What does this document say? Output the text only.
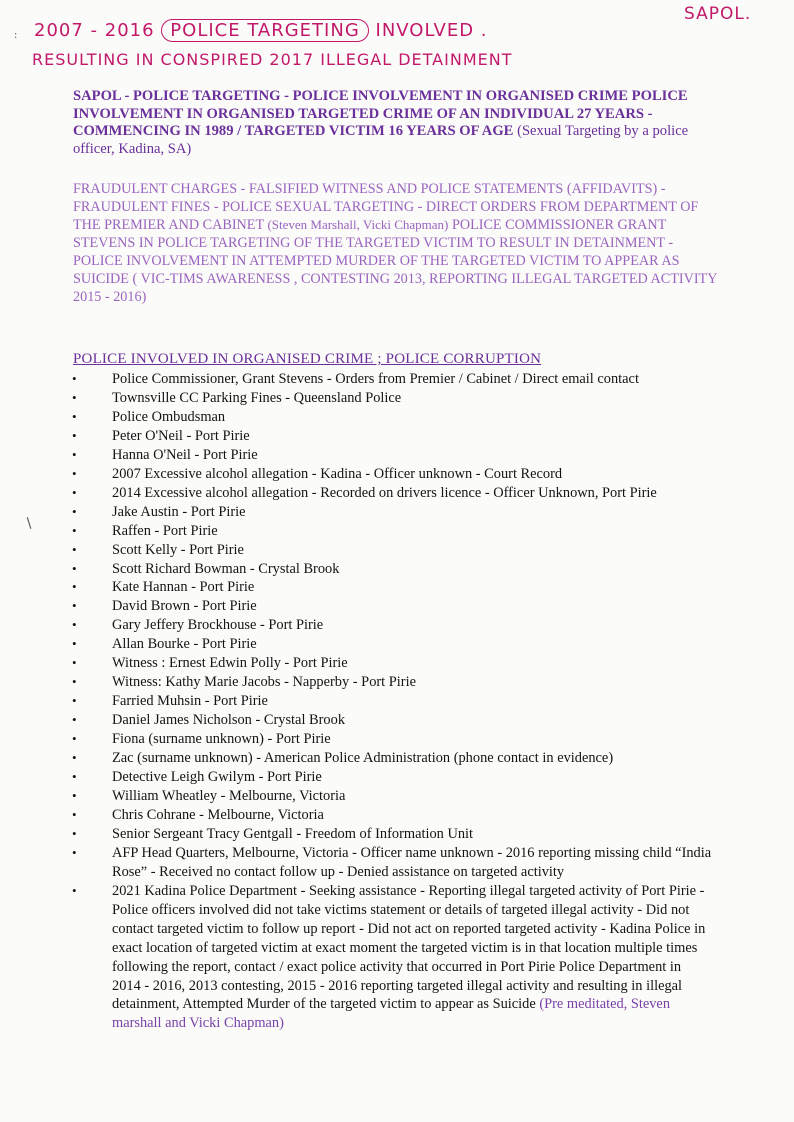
SAPOL.
2007 - 2016 POLICE TARGETING INVOLVED .
RESULTING IN CONSPIRED 2017 ILLEGAL DETAINMENT
:
∖
SAPOL - POLICE TARGETING - POLICE INVOLVEMENT IN ORGANISED CRIME POLICE INVOLVEMENT IN ORGANISED TARGETED CRIME OF AN INDIVIDUAL 27 YEARS - COMMENCING IN 1989 / TARGETED VICTIM 16 YEARS OF AGE (Sexual Targeting by a police officer, Kadina, SA)
FRAUDULENT CHARGES - FALSIFIED WITNESS AND POLICE STATEMENTS (AFFIDAVITS) - FRAUDULENT FINES - POLICE SEXUAL TARGETING - DIRECT ORDERS FROM DEPARTMENT OF THE PREMIER AND CABINET (Steven Marshall, Vicki Chapman) POLICE COMMISSIONER GRANT STEVENS IN POLICE TARGETING OF THE TARGETED VICTIM TO RESULT IN DETAINMENT - POLICE INVOLVEMENT IN ATTEMPTED MURDER OF THE TARGETED VICTIM TO APPEAR AS SUICIDE ( VIC-TIMS AWARENESS , CONTESTING 2013, REPORTING ILLEGAL TARGETED ACTIVITY 2015 - 2016)
POLICE INVOLVED IN ORGANISED CRIME ; POLICE CORRUPTION
• Police Commissioner, Grant Stevens - Orders from Premier / Cabinet / Direct email contact
• Townsville CC Parking Fines - Queensland Police
• Police Ombudsman
• Peter O'Neil - Port Pirie
• Hanna O'Neil - Port Pirie
• 2007 Excessive alcohol allegation - Kadina - Officer unknown - Court Record
• 2014 Excessive alcohol allegation - Recorded on drivers licence - Officer Unknown, Port Pirie
• Jake Austin - Port Pirie
• Raffen - Port Pirie
• Scott Kelly - Port Pirie
• Scott Richard Bowman - Crystal Brook
• Kate Hannan - Port Pirie
• David Brown - Port Pirie
• Gary Jeffery Brockhouse - Port Pirie
• Allan Bourke - Port Pirie
• Witness : Ernest Edwin Polly - Port Pirie
• Witness: Kathy Marie Jacobs - Napperby - Port Pirie
• Farried Muhsin - Port Pirie
• Daniel James Nicholson - Crystal Brook
• Fiona (surname unknown) - Port Pirie
• Zac (surname unknown) - American Police Administration (phone contact in evidence)
• Detective Leigh Gwilym - Port Pirie
• William Wheatley - Melbourne, Victoria
• Chris Cohrane - Melbourne, Victoria
• Senior Sergeant Tracy Gentgall - Freedom of Information Unit
• AFP Head Quarters, Melbourne, Victoria - Officer name unknown - 2016 reporting missing child “India Rose” - Received no contact follow up - Denied assistance on targeted activity
• 2021 Kadina Police Department - Seeking assistance - Reporting illegal targeted activity of Port Pirie - Police officers involved did not take victims statement or details of targeted illegal activity - Did not contact targeted victim to follow up report - Did not act on reported targeted activity - Kadina Police in exact location of targeted victim at exact moment the targeted victim is in that location multiple times following the report, contact / exact police activity that occurred in Port Pirie Police Department in 2014 - 2016, 2013 contesting, 2015 - 2016 reporting targeted illegal activity and resulting in illegal detainment, Attempted Murder of the targeted victim to appear as Suicide (Pre meditated, Steven marshall and Vicki Chapman)
